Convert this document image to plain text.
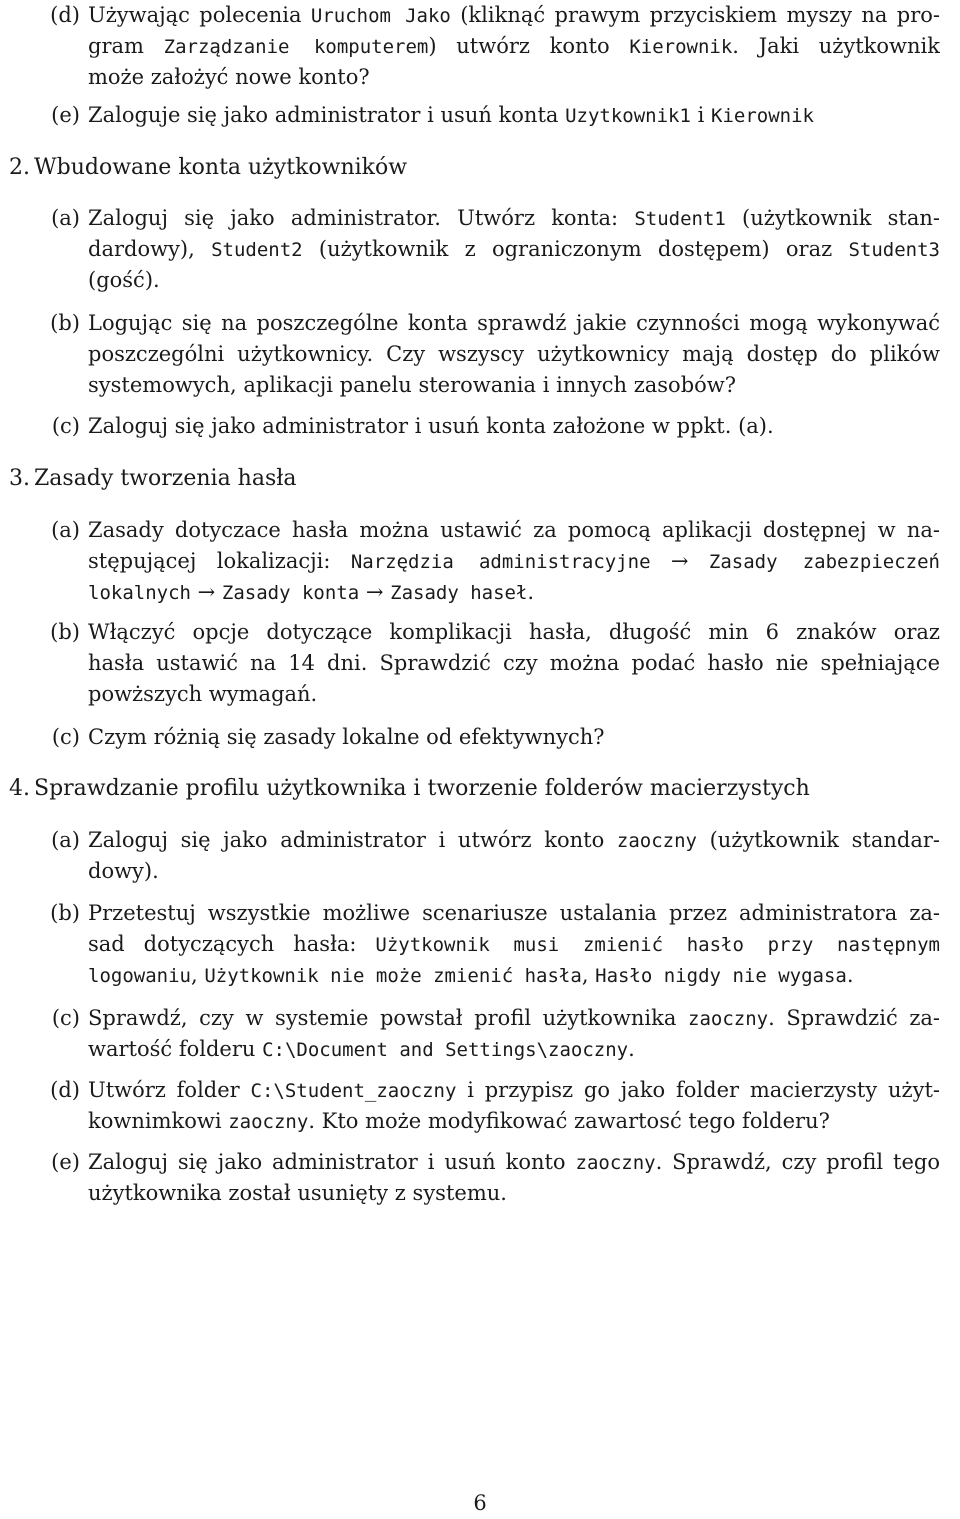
(d) Używając polecenia Uruchom Jako (kliknąć prawym przyciskiem myszy na pro-
gram Zarządzanie komputerem) utwórz konto Kierownik. Jaki użytkownik
może założyć nowe konto?
(e) Zaloguje się jako administrator i usuń konta Uzytkownik1 i Kierownik
2. Wbudowane konta użytkowników
(a) Zaloguj się jako administrator. Utwórz konta: Student1 (użytkownik stan-
dardowy), Student2 (użytkownik z ograniczonym dostępem) oraz Student3
(gość).
(b) Logując się na poszczególne konta sprawdź jakie czynności mogą wykonywać
poszczególni użytkownicy. Czy wszyscy użytkownicy mają dostęp do plików
systemowych, aplikacji panelu sterowania i innych zasobów?
(c) Zaloguj się jako administrator i usuń konta założone w ppkt. (a).
3. Zasady tworzenia hasła
(a) Zasady dotyczace hasła można ustawić za pomocą aplikacji dostępnej w na-
stępującej lokalizacji: Narzędzia administracyjne → Zasady zabezpieczeń
lokalnych → Zasady konta → Zasady haseł.
(b) Włączyć opcje dotyczące komplikacji hasła, długość min 6 znaków oraz
hasła ustawić na 14 dni. Sprawdzić czy można podać hasło nie spełniające
powższych wymagań.
(c) Czym różnią się zasady lokalne od efektywnych?
4. Sprawdzanie profilu użytkownika i tworzenie folderów macierzystych
(a) Zaloguj się jako administrator i utwórz konto zaoczny (użytkownik standar-
dowy).
(b) Przetestuj wszystkie możliwe scenariusze ustalania przez administratora za-
sad dotyczących hasła: Użytkownik musi zmienić hasło przy następnym
logowaniu, Użytkownik nie może zmienić hasła, Hasło nigdy nie wygasa.
(c) Sprawdź, czy w systemie powstał profil użytkownika zaoczny. Sprawdzić za-
wartość folderu C:\Document and Settings\zaoczny.
(d) Utwórz folder C:\Student_zaoczny i przypisz go jako folder macierzysty użyt-
kownimkowi zaoczny. Kto może modyfikować zawartosć tego folderu?
(e) Zaloguj się jako administrator i usuń konto zaoczny. Sprawdź, czy profil tego
użytkownika został usunięty z systemu.
6
